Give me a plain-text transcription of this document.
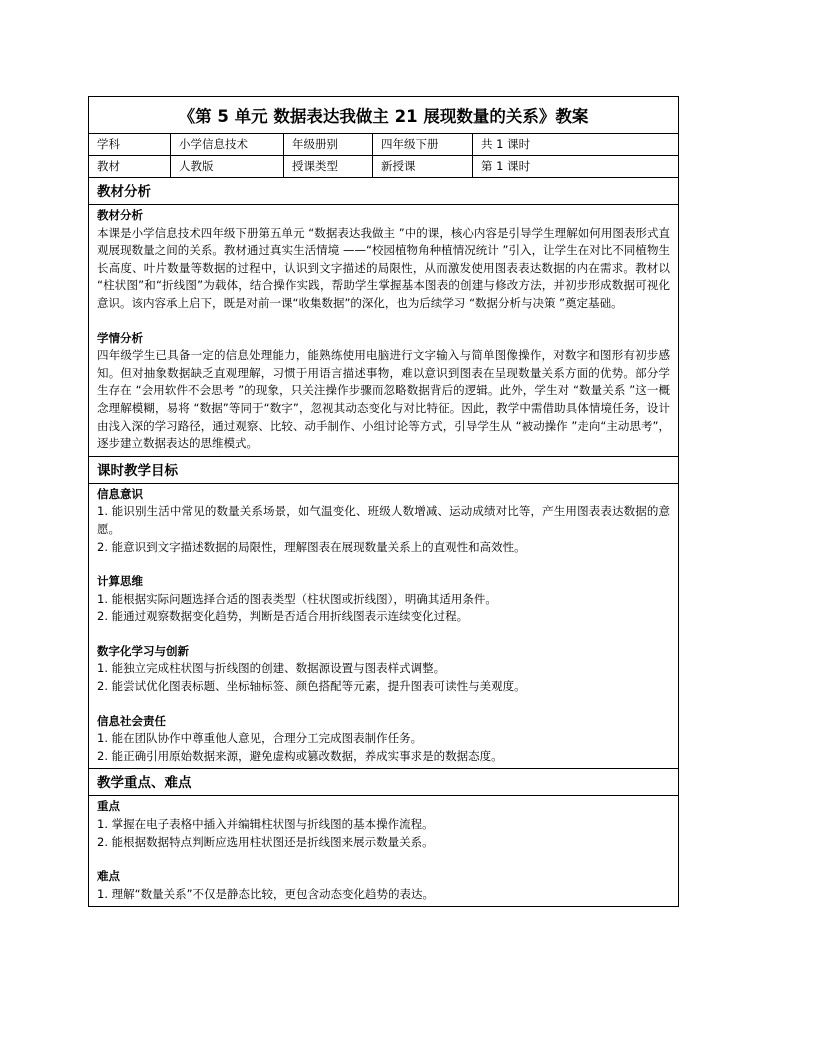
《第 5 单元 数据表达我做主 21 展现数量的关系》教案
学科	小学信息技术	年级册别	四年级下册	共 1 课时
教材	人教版	授课类型	新授课	第 1 课时
教材分析
教材分析
本课是小学信息技术四年级下册第五单元 “数据表达我做主 ”中的课，核心内容是引导学生理解如何用图表形式直观展现数量之间的关系。教材通过真实生活情境 ——“校园植物角种植情况统计 ”引入，让学生在对比不同植物生长高度、叶片数量等数据的过程中，认识到文字描述的局限性，从而激发使用图表表达数据的内在需求。教材以 “柱状图”和“折线图”为载体，结合操作实践，帮助学生掌握基本图表的创建与修改方法，并初步形成数据可视化意识。该内容承上启下，既是对前一课“收集数据”的深化，也为后续学习 “数据分析与决策 ”奠定基础。
学情分析
四年级学生已具备一定的信息处理能力，能熟练使用电脑进行文字输入与简单图像操作，对数字和图形有初步感知。但对抽象数据缺乏直观理解，习惯于用语言描述事物，难以意识到图表在呈现数量关系方面的优势。部分学生存在 “会用软件不会思考 ”的现象，只关注操作步骤而忽略数据背后的逻辑。此外，学生对 “数量关系 ”这一概念理解模糊，易将 “数据”等同于“数字”，忽视其动态变化与对比特征。因此，教学中需借助具体情境任务，设计由浅入深的学习路径，通过观察、比较、动手制作、小组讨论等方式，引导学生从 “被动操作 ”走向“主动思考”，逐步建立数据表达的思维模式。
课时教学目标
信息意识
1. 能识别生活中常见的数量关系场景，如气温变化、班级人数增减、运动成绩对比等，产生用图表表达数据的意愿。
2. 能意识到文字描述数据的局限性，理解图表在展现数量关系上的直观性和高效性。
计算思维
1. 能根据实际问题选择合适的图表类型（柱状图或折线图），明确其适用条件。
2. 能通过观察数据变化趋势，判断是否适合用折线图表示连续变化过程。
数字化学习与创新
1. 能独立完成柱状图与折线图的创建、数据源设置与图表样式调整。
2. 能尝试优化图表标题、坐标轴标签、颜色搭配等元素，提升图表可读性与美观度。
信息社会责任
1. 能在团队协作中尊重他人意见，合理分工完成图表制作任务。
2. 能正确引用原始数据来源，避免虚构或篡改数据，养成实事求是的数据态度。
教学重点、难点
重点
1. 掌握在电子表格中插入并编辑柱状图与折线图的基本操作流程。
2. 能根据数据特点判断应选用柱状图还是折线图来展示数量关系。
难点
1. 理解“数量关系”不仅是静态比较，更包含动态变化趋势的表达。
